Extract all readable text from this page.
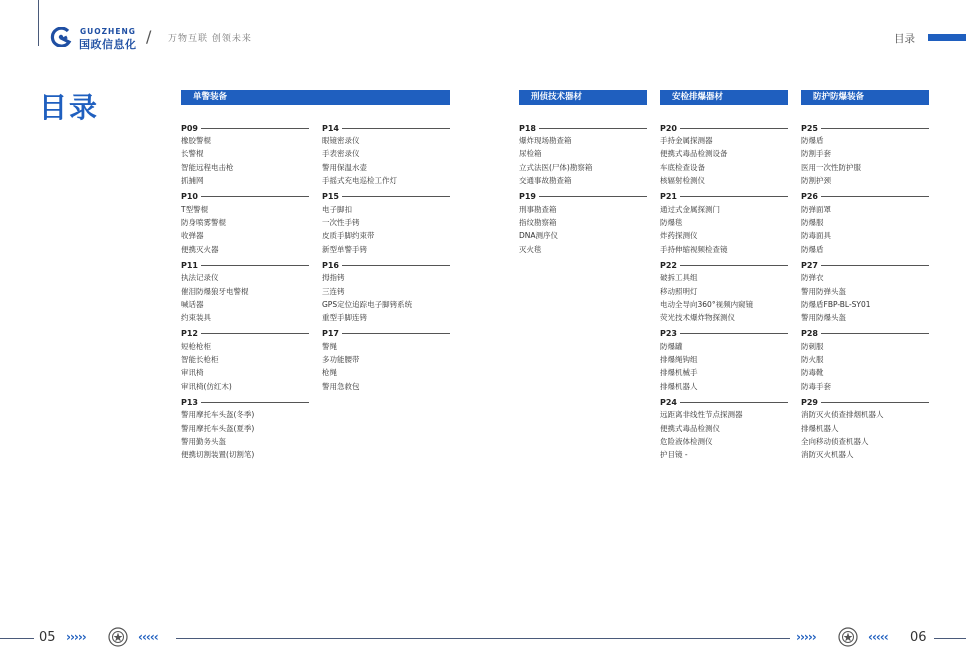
GUOZHENG
国政信息化 / 万物互联 创领未来	目录
目录	单警装备	刑侦技术器材	安检排爆器材	防护防爆装备
P09
橡胶警棍
长警棍
智能远程电击枪
抓捕网
P10
T型警棍
防身喷雾警棍
收弹器
便携灭火器
P11
执法记录仪
催泪防爆狼牙电警棍
喊话器
约束装具
P12
短枪枪柜
智能长枪柜
审讯椅
审讯椅(仿红木)
P13
警用摩托车头盔(冬季)
警用摩托车头盔(夏季)
警用勤务头盔
便携切割装置(切割笔)
P14
眼镜密录仪
手表密录仪
警用保温水壶
手摇式充电巡检工作灯
P15
电子脚扣
一次性手铐
皮质手脚约束带
新型单警手铐
P16
拇指铐
三连铐
GPS定位追踪电子脚铐系统
重型手脚连铐
P17
警绳
多功能腰带
枪绳
警用急救包
P18
爆炸现场勘查箱
尿检箱
立式法医(尸体)勘察箱
交通事故勘查箱
P19
刑事勘查箱
指纹勘察箱
DNA测序仪
灭火毯
P20
手持金属探测器
便携式毒品检测设备
车底检查设备
核辐射检测仪
P21
通过式金属探测门
防爆毯
炸药探测仪
手持伸缩视频检查镜
P22
破拆工具组
移动照明灯
电动全导向360°视频内窥镜
荧光技术爆炸物探测仪
P23
防爆罐
排爆绳钩组
排爆机械手
排爆机器人
P24
远距离非线性节点探测器
便携式毒品检测仪
危险液体检测仪
护目镜 -
P25
防爆盾
防割手套
医用一次性防护服
防割护颈
P26
防弹面罩
防爆服
防毒面具
防爆盾
P27
防弹衣
警用防弹头盔
防爆盾FBP-BL-SY01
警用防爆头盔
P28
防刺服
防火服
防毒靴
防毒手套
P29
消防灭火侦查排烟机器人
排爆机器人
全向移动侦查机器人
消防灭火机器人
05 ›››››	‹‹‹‹‹	›››››	‹‹‹‹‹ 06
